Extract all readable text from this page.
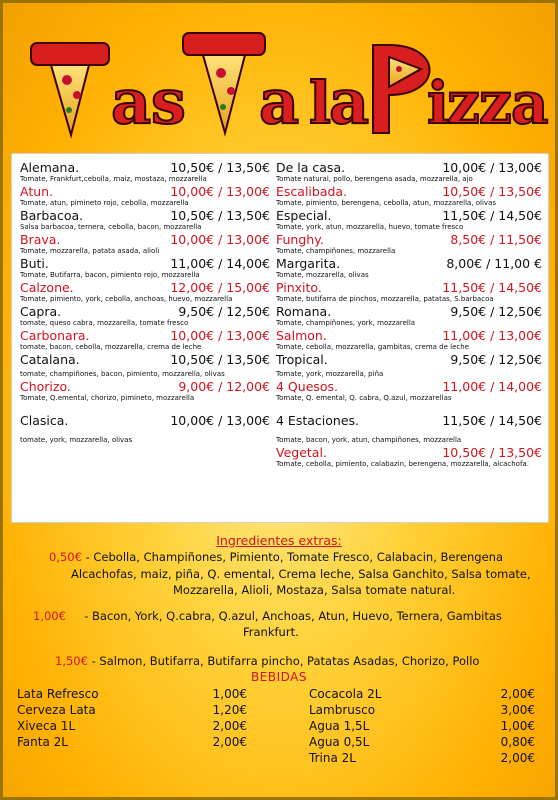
a s a l
a i
z z a
Alemana.	10,50€ / 13,50€
Tomate, Frankfurt,cebolla, maiz, mostaza, mozzarella
Atun.	10,00€ / 13,00€
Tomate, atun, pimineto rojo, cebolla, mozzarella
Barbacoa.	10,50€ / 13,50€
Salsa barbacoa, ternera, cebolla, bacon, mozzarella
Brava.	10,00€ / 13,00€
Tomate, mozzarella, patata asada, alioli
Buti.	11,00€ / 14,00€
Tomate, Butifarra, bacon, pimiento rojo, mozzarella
Calzone.	12,00€ / 15,00€
Tomate, pimiento, york, cebolla, anchoas, huevo, mozzarella
Capra.	9,50€ / 12,50€
tomate, queso cabra, mozzarella, tomate fresco
Carbonara.	10,00€ / 13,00€
tomate, bacon, cebolla, mozzarella, crema de leche
Catalana.	10,50€ / 13,50€
tomate, champiñones, bacon, pimiento, mozzarella, olivas
Chorizo.	9,00€ / 12,00€
Tomate, Q.emental, chorizo, pimineto, mozzarella
Clasica.	10,00€ / 13,00€
tomate, york, mozzarella, olivas
De la casa.	10,00€ / 13,00€
Tomate natural, pollo, berengena asada, mozzarella, ajo
Escalibada.	10,50€ / 13,50€
Tomate, pimiento, berengena, cebolla, atun, mozzarella, olivas
Especial.	11,50€ / 14,50€
Tomate, york, atun, mozzarella, huevo, tomate fresco
Funghy.	8,50€ / 11,50€
Tomate, champiñones, mozzarella
Margarita.	8,00€ / 11,00 €
Tomate, mozzarella, olivas
Pinxito.	11,50€ / 14,50€
Tomate, butifarra de pinchos, mozzarella, patatas, S.barbacoa
Romana.	9,50€ / 12,50€
Tomate, champiñones, york, mozzarella
Salmon.	11,00€ / 13,00€
Tomate, cebolla, mozzarella, gambitas, crema de leche
Tropical.	9,50€ / 12,50€
Tomate, york, mozzarella, piña
4 Quesos.	11,00€ / 14,00€
Tomate, Q. emental, Q. cabra, Q.azul, mozzarellas
4 Estaciones.	11,50€ / 14,50€
Tomate, bacon, york, atun, champiñones, mozzarella
Vegetal.	10,50€ / 13,50€
Tomate, cebolla, pimiento, calabazin, berengena, mozzarella, alcachofa.
Ingredientes extras:
0,50€ - Cebolla, Champiñones, Pimiento, Tomate Fresco, Calabacin, Berengena
Alcachofas, maiz, piña, Q. emental, Crema leche, Salsa Ganchito, Salsa tomate,
Mozzarella, Alioli, Mostaza, Salsa tomate natural.
1,00€ - Bacon, York, Q.cabra, Q.azul, Anchoas, Atun, Huevo, Ternera, Gambitas
Frankfurt.
1,50€ - Salmon, Butifarra, Butifarra pincho, Patatas Asadas, Chorizo, Pollo
BEBIDAS
Lata Refresco	1,00€
Cerveza Lata	1,20€
Xiveca 1L	2,00€
Fanta 2L	2,00€
Cocacola 2L	2,00€
Lambrusco	3,00€
Agua 1,5L	1,00€
Agua 0,5L	0,80€
Trina 2L	2,00€
